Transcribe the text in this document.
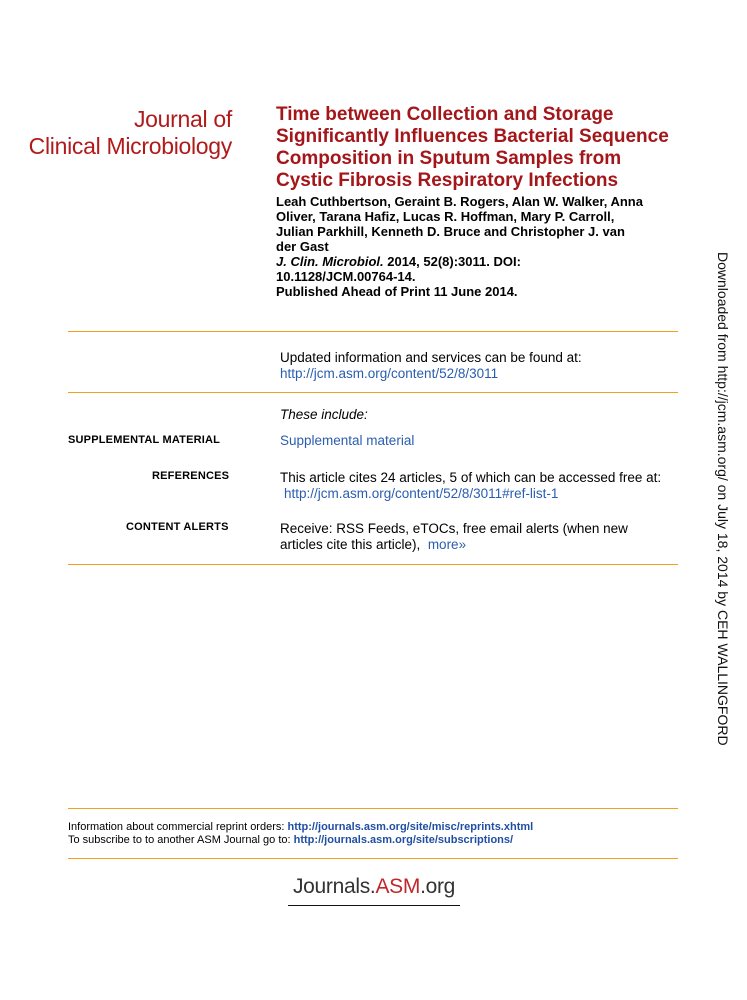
Journal of
Clinical Microbiology
Time between Collection and Storage
Significantly Influences Bacterial Sequence
Composition in Sputum Samples from
Cystic Fibrosis Respiratory Infections
Leah Cuthbertson, Geraint B. Rogers, Alan W. Walker, Anna
Oliver, Tarana Hafiz, Lucas R. Hoffman, Mary P. Carroll,
Julian Parkhill, Kenneth D. Bruce and Christopher J. van
der Gast
J. Clin. Microbiol. 2014, 52(8):3011. DOI:
10.1128/JCM.00764-14.
Published Ahead of Print 11 June 2014.
Updated information and services can be found at:
http://jcm.asm.org/content/52/8/3011
These include:
SUPPLEMENTAL MATERIAL	Supplemental material
REFERENCES	This article cites 24 articles, 5 of which can be accessed free at:
http://jcm.asm.org/content/52/8/3011#ref-list-1
CONTENT ALERTS	Receive: RSS Feeds, eTOCs, free email alerts (when new
articles cite this article), more»
Information about commercial reprint orders: http://journals.asm.org/site/misc/reprints.xhtml
To subscribe to to another ASM Journal go to: http://journals.asm.org/site/subscriptions/
Journals.ASM.org
Downloaded from http://jcm.asm.org/ on July 18, 2014 by CEH WALLINGFORD
